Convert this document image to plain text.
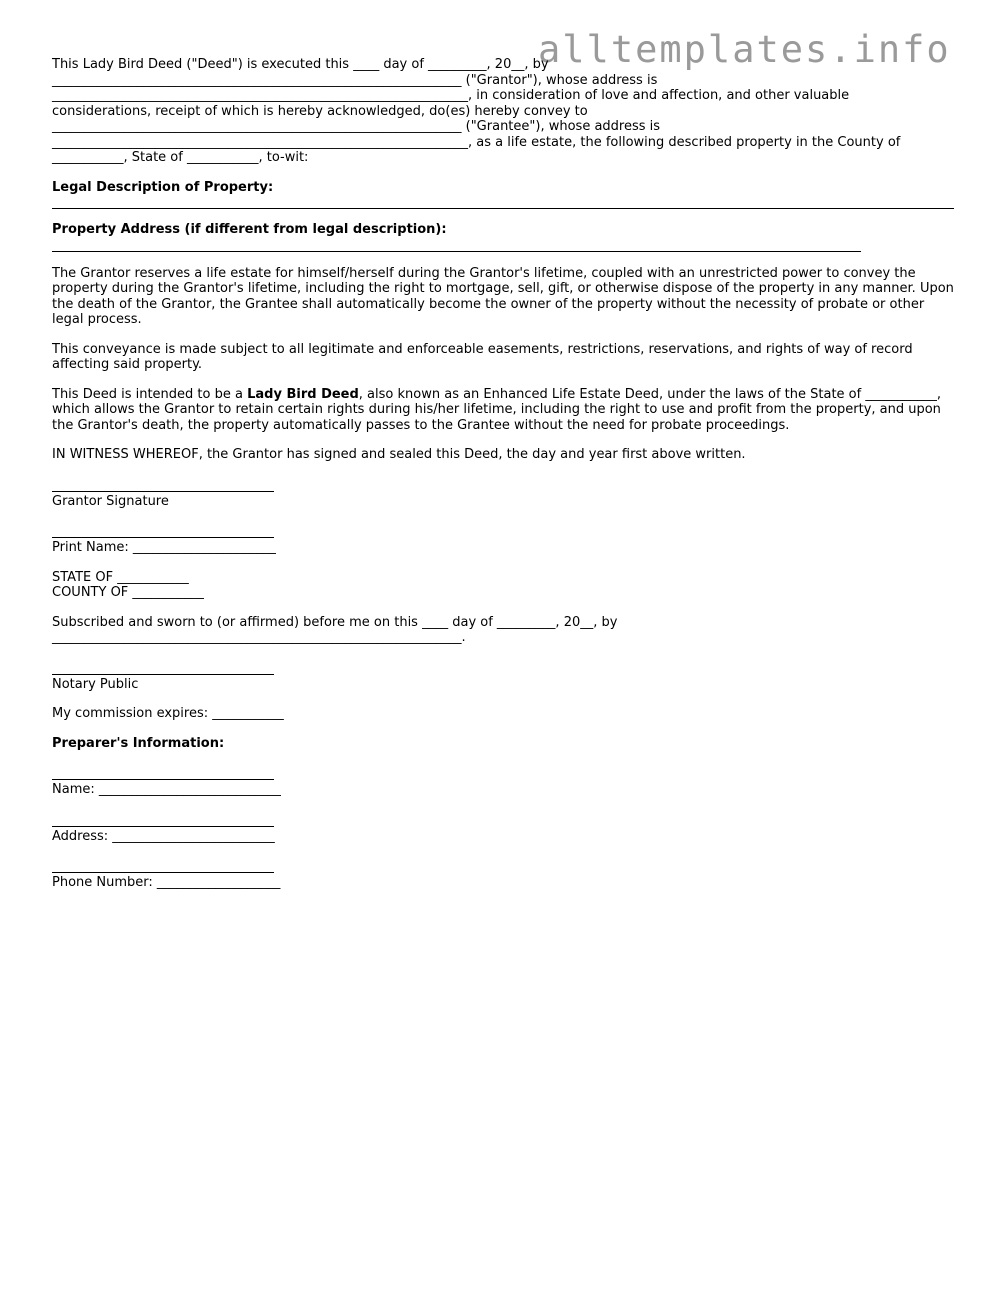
alltemplates.info
This Lady Bird Deed ("Deed") is executed this ____ day of _________, 20__, by
_______________________________________________________________ ("Grantor"), whose address is
________________________________________________________________, in consideration of love and affection, and other valuable
considerations, receipt of which is hereby acknowledged, do(es) hereby convey to
_______________________________________________________________ ("Grantee"), whose address is
________________________________________________________________, as a life estate, the following described property in the County of
___________, State of ___________, to-wit:
Legal Description of Property:
Property Address (if different from legal description):

The Grantor reserves a life estate for himself/herself during the Grantor's lifetime, coupled with an unrestricted power to convey the property during the Grantor's lifetime, including the right to mortgage, sell, gift, or otherwise dispose of the property in any manner. Upon the death of the Grantor, the Grantee shall automatically become the owner of the property without the necessity of probate or other legal process.

This conveyance is made subject to all legitimate and enforceable easements, restrictions, reservations, and rights of way of record affecting said property.

This Deed is intended to be a Lady Bird Deed, also known as an Enhanced Life Estate Deed, under the laws of the State of ___________, which allows the Grantor to retain certain rights during his/her lifetime, including the right to use and profit from the property, and upon the Grantor's death, the property automatically passes to the Grantee without the need for probate proceedings.

IN WITNESS WHEREOF, the Grantor has signed and sealed this Deed, the day and year first above written.

Grantor Signature
Print Name: ______________________
STATE OF ___________
COUNTY OF ___________
Subscribed and sworn to (or affirmed) before me on this ____ day of _________, 20__, by
_______________________________________________________________.
Notary Public
My commission expires: ___________
Preparer's Information:
Name: ____________________________
Address: _________________________
Phone Number: ___________________
